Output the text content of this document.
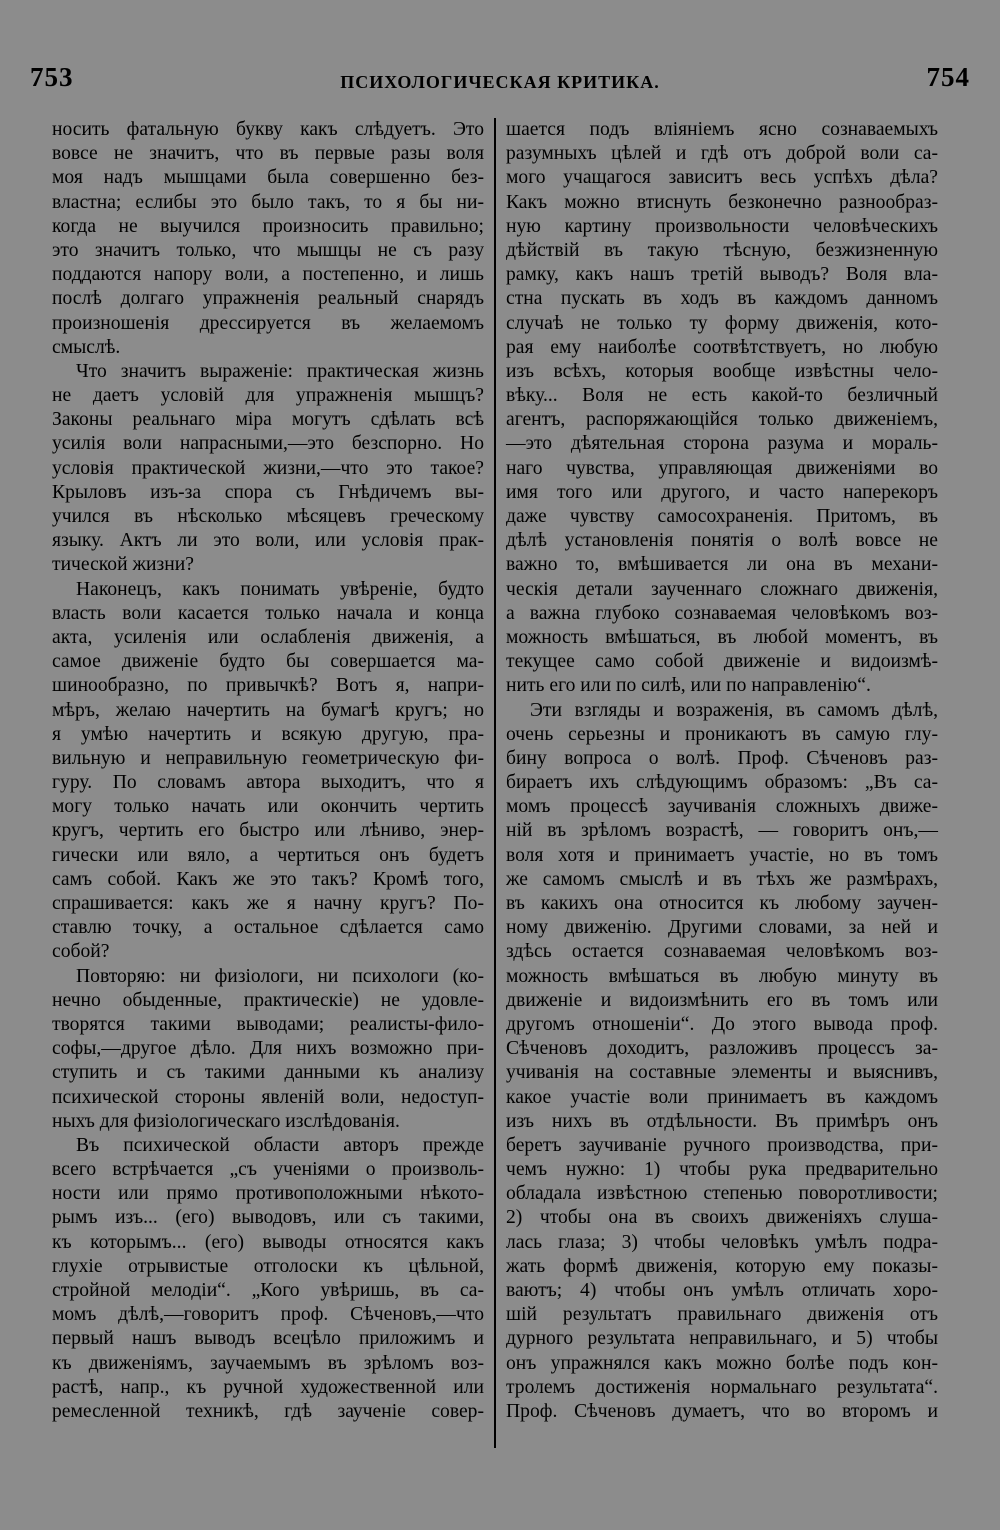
753	ПСИХОЛОГИЧЕСКАЯ КРИТИКА.	754
носить фатальную букву какъ слѣдуетъ. Это
вовсе не значитъ, что въ первые разы воля
моя надъ мышцами была совершенно без-
властна; еслибы это было такъ, то я бы ни-
когда не выучился произносить правильно;
это значитъ только, что мышцы не съ разу
поддаются напору воли, а постепенно, и лишь
послѣ долгаго упражненія реальный снарядъ
произношенія дрессируется въ желаемомъ
смыслѣ.
Что значитъ выраженіе: практическая жизнь
не даетъ условій для упражненія мышцъ?
Законы реальнаго міра могутъ сдѣлать всѣ
усилія воли напрасными,—это безспорно. Но
условія практической жизни,—что это такое?
Крыловъ изъ-за спора съ Гнѣдичемъ вы-
учился въ нѣсколько мѣсяцевъ греческому
языку. Актъ ли это воли, или условія прак-
тической жизни?
Наконецъ, какъ понимать увѣреніе, будто
власть воли касается только начала и конца
акта, усиленія или ослабленія движенія, а
самое движеніе будто бы совершается ма-
шинообразно, по привычкѣ? Вотъ я, напри-
мѣръ, желаю начертить на бумагѣ кругъ; но
я умѣю начертить и всякую другую, пра-
вильную и неправильную геометрическую фи-
гуру. По словамъ автора выходитъ, что я
могу только начать или окончить чертить
кругъ, чертить его быстро или лѣниво, энер-
гически или вяло, а чертиться онъ будетъ
самъ собой. Какъ же это такъ? Кромѣ того,
спрашивается: какъ же я начну кругъ? По-
ставлю точку, а остальное сдѣлается само
собой?
Повторяю: ни физіологи, ни психологи (ко-
нечно обыденные, практическіе) не удовле-
творятся такими выводами; реалисты-фило-
софы,—другое дѣло. Для нихъ возможно при-
ступить и съ такими данными къ анализу
психической стороны явленій воли, недоступ-
ныхъ для физіологическаго изслѣдованія.
Въ психической области авторъ прежде
всего встрѣчается „съ ученіями о произволь-
ности или прямо противоположными нѣкото-
рымъ изъ... (его) выводовъ, или съ такими,
къ которымъ... (его) выводы относятся какъ
глухіе отрывистые отголоски къ цѣльной,
стройной мелодіи“. „Кого увѣришь, въ са-
момъ дѣлѣ,—говоритъ проф. Сѣченовъ,—что
первый нашъ выводъ всецѣло приложимъ и
къ движеніямъ, заучаемымъ въ зрѣломъ воз-
растѣ, напр., къ ручной художественной или
ремесленной техникѣ, гдѣ заученіе совер-
шается подъ вліяніемъ ясно сознаваемыхъ
разумныхъ цѣлей и гдѣ отъ доброй воли са-
мого учащагося зависитъ весь успѣхъ дѣла?
Какъ можно втиснуть безконечно разнообраз-
ную картину произвольности человѣческихъ
дѣйствій въ такую тѣсную, безжизненную
рамку, какъ нашъ третій выводъ? Воля вла-
стна пускать въ ходъ въ каждомъ данномъ
случаѣ не только ту форму движенія, кото-
рая ему наиболѣе соотвѣтствуетъ, но любую
изъ всѣхъ, которыя вообще извѣстны чело-
вѣку... Воля не есть какой-то безличный
агентъ, распоряжающійся только движеніемъ,
—это дѣятельная сторона разума и мораль-
наго чувства, управляющая движеніями во
имя того или другого, и часто наперекоръ
даже чувству самосохраненія. Притомъ, въ
дѣлѣ установленія понятія о волѣ вовсе не
важно то, вмѣшивается ли она въ механи-
ческія детали заученнаго сложнаго движенія,
а важна глубоко сознаваемая человѣкомъ воз-
можность вмѣшаться, въ любой моментъ, въ
текущее само собой движеніе и видоизмѣ-
нить его или по силѣ, или по направленію“.
Эти взгляды и возраженія, въ самомъ дѣлѣ,
очень серьезны и проникаютъ въ самую глу-
бину вопроса о волѣ. Проф. Сѣченовъ раз-
бираетъ ихъ слѣдующимъ образомъ: „Въ са-
момъ процессѣ заучиванія сложныхъ движе-
ній въ зрѣломъ возрастѣ, — говоритъ онъ,—
воля хотя и принимаетъ участіе, но въ томъ
же самомъ смыслѣ и въ тѣхъ же размѣрахъ,
въ какихъ она относится къ любому заучен-
ному движенію. Другими словами, за ней и
здѣсь остается сознаваемая человѣкомъ воз-
можность вмѣшаться въ любую минуту въ
движеніе и видоизмѣнить его въ томъ или
другомъ отношеніи“. До этого вывода проф.
Сѣченовъ доходитъ, разложивъ процессъ за-
учиванія на составные элементы и выяснивъ,
какое участіе воли принимаетъ въ каждомъ
изъ нихъ въ отдѣльности. Въ примѣръ онъ
беретъ заучиваніе ручного производства, при-
чемъ нужно: 1) чтобы рука предварительно
обладала извѣстною степенью поворотливости;
2) чтобы она въ своихъ движеніяхъ слуша-
лась глаза; 3) чтобы человѣкъ умѣлъ подра-
жать формѣ движенія, которую ему показы-
ваютъ; 4) чтобы онъ умѣлъ отличать хоро-
шій результатъ правильнаго движенія отъ
дурного результата неправильнаго, и 5) чтобы
онъ упражнялся какъ можно болѣе подъ кон-
тролемъ достиженія нормальнаго результата“.
Проф. Сѣченовъ думаетъ, что во второмъ и
